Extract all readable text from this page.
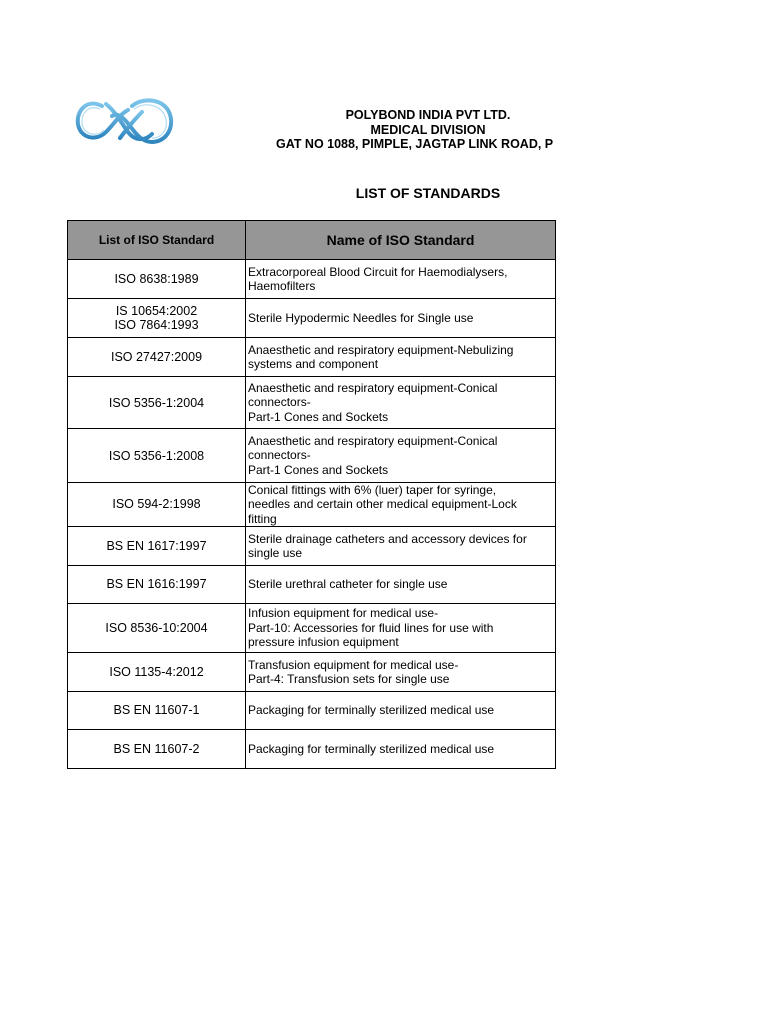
POLYBOND INDIA PVT LTD.
MEDICAL DIVISION
GAT NO 1088, PIMPLE, JAGTAP LINK ROAD, P
LIST OF STANDARDS
List of ISO Standard	Name of ISO Standard
ISO 8638:1989	Extracorporeal Blood Circuit for Haemodialysers,
Haemofilters
IS 10654:2002
ISO 7864:1993	Sterile Hypodermic Needles for Single use
ISO 27427:2009	Anaesthetic and respiratory equipment-Nebulizing
systems and component
ISO 5356-1:2004	Anaesthetic and respiratory equipment-Conical
connectors-
Part-1 Cones and Sockets
ISO 5356-1:2008	Anaesthetic and respiratory equipment-Conical
connectors-
Part-1 Cones and Sockets
ISO 594-2:1998	Conical fittings with 6% (luer) taper for syringe,
needles and certain other medical equipment-Lock
fitting
BS EN 1617:1997	Sterile drainage catheters and accessory devices for
single use
BS EN 1616:1997	Sterile urethral catheter for single use
ISO 8536-10:2004	Infusion equipment for medical use-
Part-10: Accessories for fluid lines for use with
pressure infusion equipment
ISO 1135-4:2012	Transfusion equipment for medical use-
Part-4: Transfusion sets for single use
BS EN 11607-1	Packaging for terminally sterilized medical use
BS EN 11607-2	Packaging for terminally sterilized medical use
